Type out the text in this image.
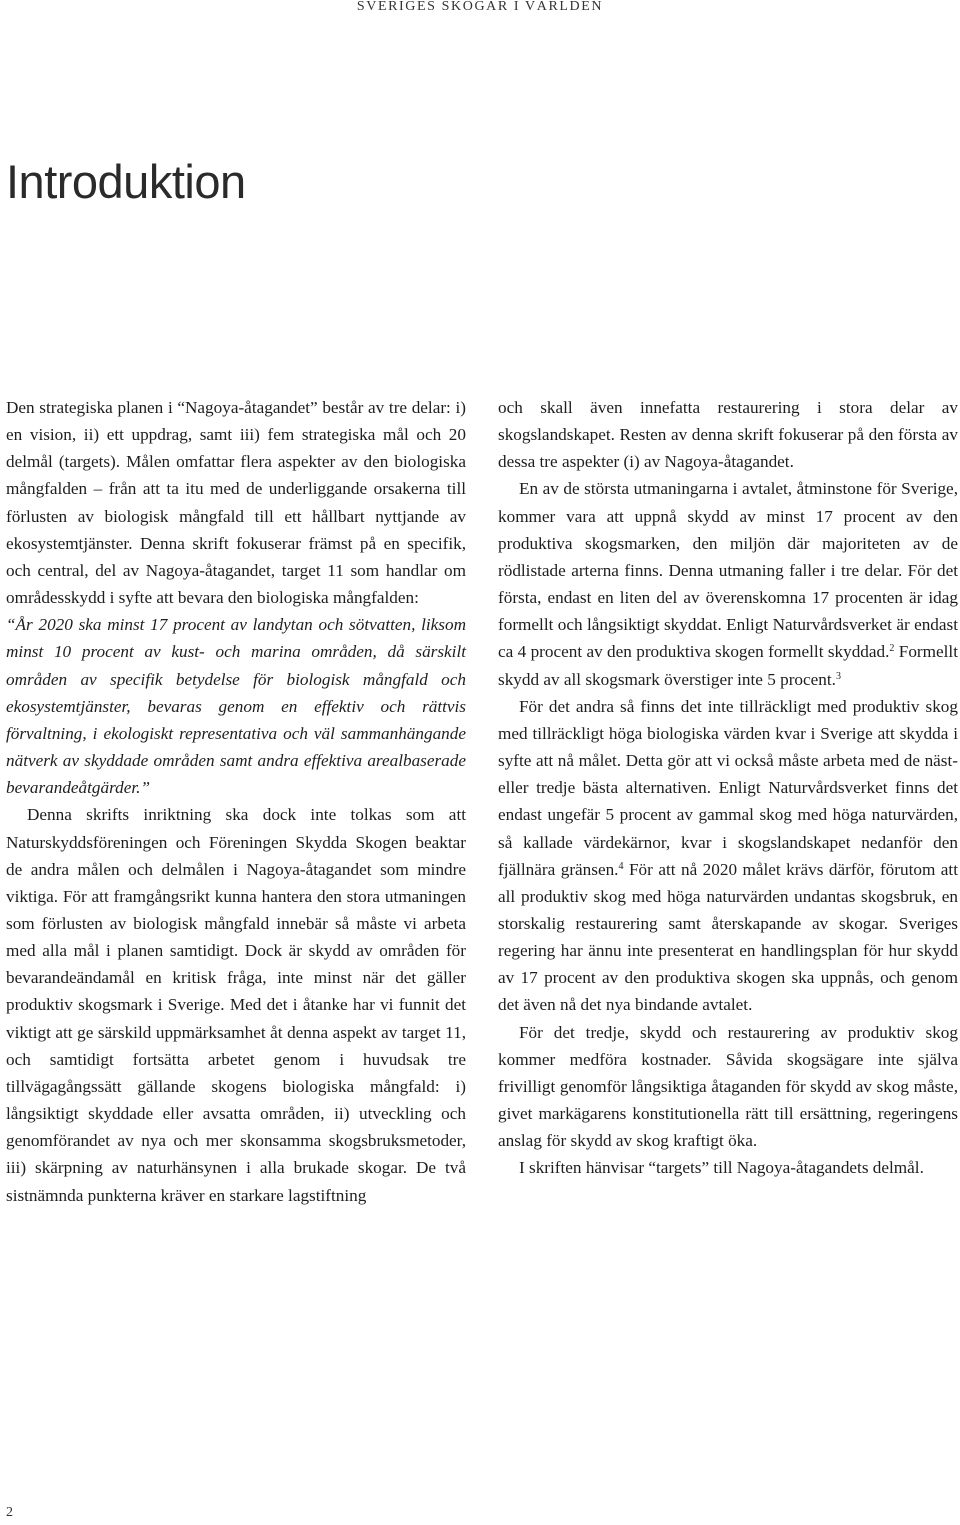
SVERIGES SKOGAR I VÄRLDEN
Introduktion

Den strategiska planen i “Nagoya-åtagandet” består av tre delar: i) en vision, ii) ett uppdrag, samt iii) fem strategiska mål och 20 delmål (targets). Målen omfattar flera aspekter av den biologiska mångfalden – från att ta itu med de underliggande orsakerna till förlusten av biologisk mångfald till ett hållbart nyttjande av ekosystemtjänster. Denna skrift fokuserar främst på en specifik, och central, del av Nagoya-åtagandet, target 11 som handlar om områdesskydd i syfte att bevara den biologiska mångfalden:

“År 2020 ska minst 17 procent av landytan och sötvatten, liksom minst 10 procent av kust- och marina områden, då särskilt områden av specifik betydelse för biologisk mångfald och ekosystemtjänster, bevaras genom en effektiv och rättvis förvaltning, i ekologiskt representativa och väl sammanhängande nätverk av skyddade områden samt andra effektiva arealbaserade bevarandeåtgärder.”

Denna skrifts inriktning ska dock inte tolkas som att Naturskyddsföreningen och Föreningen Skydda Skogen beaktar de andra målen och delmålen i Nagoya-åtagandet som mindre viktiga. För att framgångsrikt kunna hantera den stora utmaningen som förlusten av biologisk mångfald innebär så måste vi arbeta med alla mål i planen samtidigt. Dock är skydd av områden för bevarandeändamål en kritisk fråga, inte minst när det gäller produktiv skogsmark i Sverige. Med det i åtanke har vi funnit det viktigt att ge särskild uppmärksamhet åt denna aspekt av target 11, och samtidigt fortsätta arbetet genom i huvudsak tre tillvägagångssätt gällande skogens biologiska mångfald: i) långsiktigt skyddade eller avsatta områden, ii) utveckling och genomförandet av nya och mer skonsamma skogsbruksmetoder, iii) skärpning av naturhänsynen i alla brukade skogar. De två sistnämnda punkterna kräver en starkare lagstiftning

och skall även innefatta restaurering i stora delar av skogslandskapet. Resten av denna skrift fokuserar på den första av dessa tre aspekter (i) av Nagoya-åtagandet.

En av de största utmaningarna i avtalet, åtminstone för Sverige, kommer vara att uppnå skydd av minst 17 procent av den produktiva skogsmarken, den miljön där majoriteten av de rödlistade arterna finns. Denna utmaning faller i tre delar. För det första, endast en liten del av överenskomna 17 procenten är idag formellt och långsiktigt skyddat. Enligt Naturvårdsverket är endast ca 4 procent av den produktiva skogen formellt skyddad.$^2$ Formellt skydd av all skogsmark överstiger inte 5 procent.$^3$

För det andra så finns det inte tillräckligt med produktiv skog med tillräckligt höga biologiska värden kvar i Sverige att skydda i syfte att nå målet. Detta gör att vi också måste arbeta med de näst- eller tredje bästa alternativen. Enligt Naturvårdsverket finns det endast ungefär 5 procent av gammal skog med höga naturvärden, så kallade värdekärnor, kvar i skogslandskapet nedanför den fjällnära gränsen.$^4$ För att nå 2020 målet krävs därför, förutom att all produktiv skog med höga naturvärden undantas skogsbruk, en storskalig restaurering samt återskapande av skogar. Sveriges regering har ännu inte presenterat en handlingsplan för hur skydd av 17 procent av den produktiva skogen ska uppnås, och genom det även nå det nya bindande avtalet.

För det tredje, skydd och restaurering av produktiv skog kommer medföra kostnader. Såvida skogsägare inte själva frivilligt genomför långsiktiga åtaganden för skydd av skog måste, givet markägarens konstitutionella rätt till ersättning, regeringens anslag för skydd av skog kraftigt öka.

I skriften hänvisar “targets” till Nagoya-åtagandets delmål.

2
